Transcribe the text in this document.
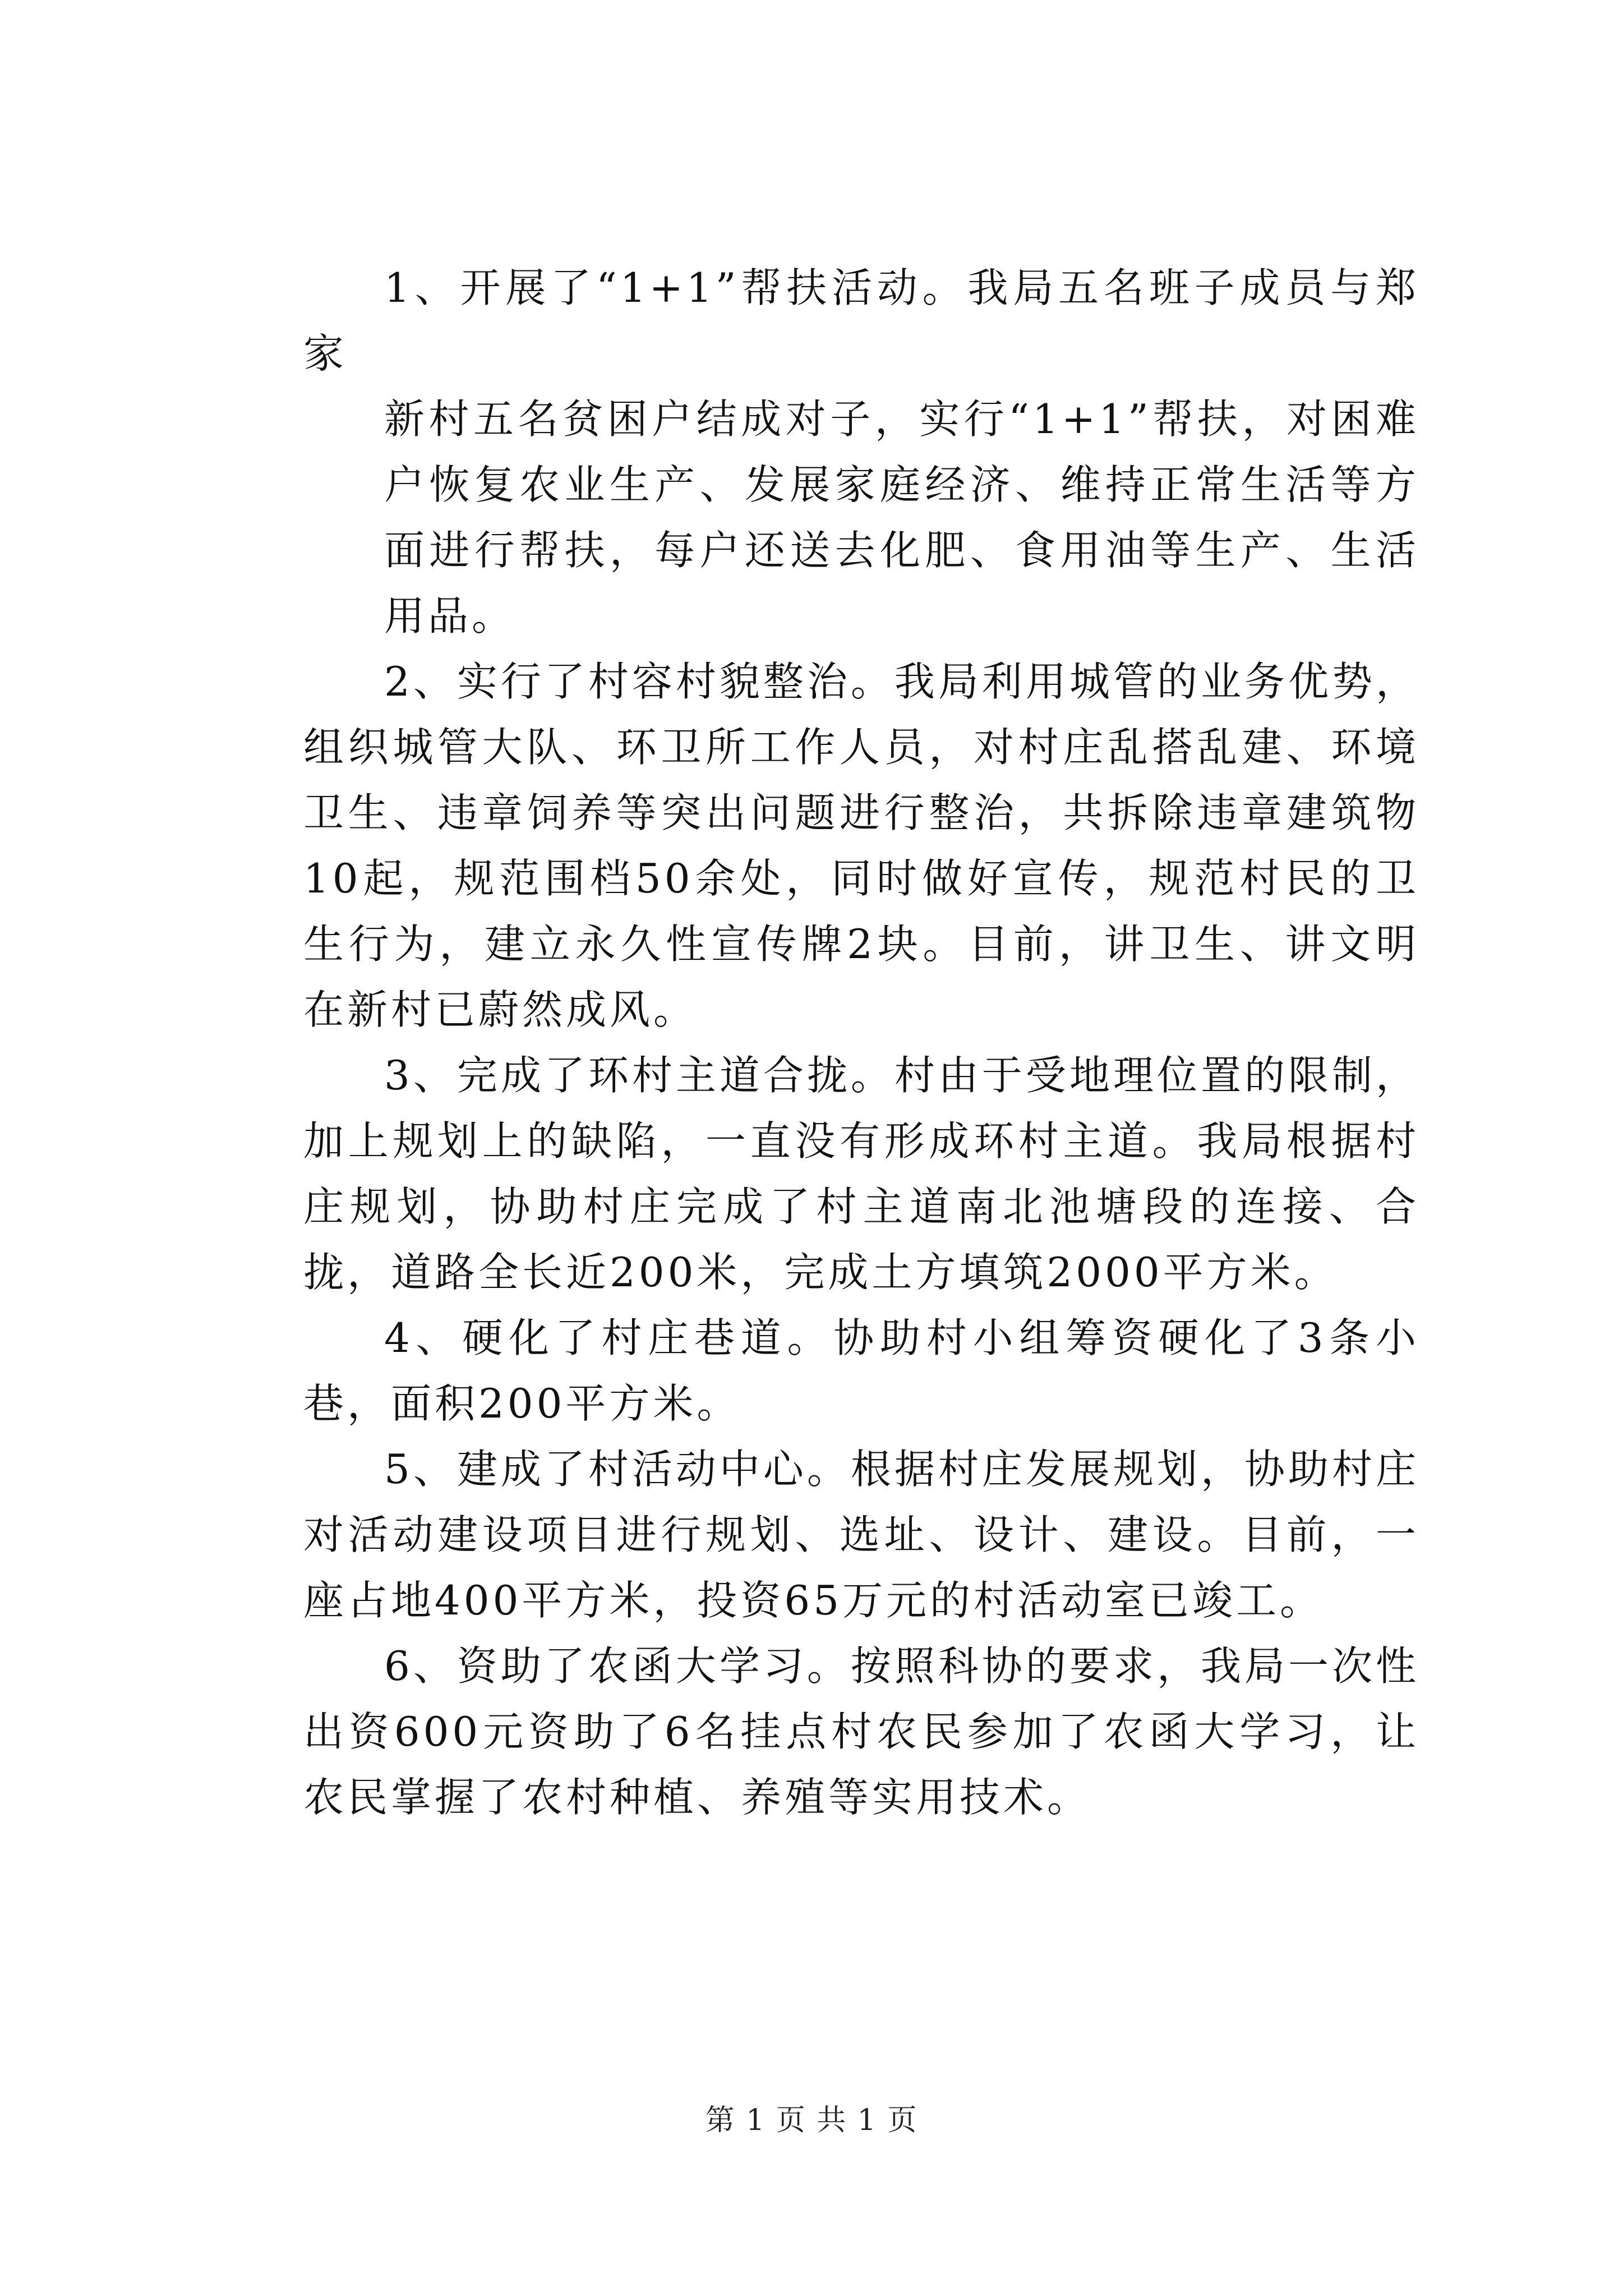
1、开展了“1+1”帮扶活动。我局五名班子成员与郑家

新村五名贫困户结成对子，实行“1+1”帮扶，对困难户恢复农业生产、发展家庭经济、维持正常生活等方面进行帮扶，每户还送去化肥、食用油等生产、生活用品。

2、实行了村容村貌整治。我局利用城管的业务优势，组织城管大队、环卫所工作人员，对村庄乱搭乱建、环境卫生、违章饲养等突出问题进行整治，共拆除违章建筑物10起，规范围档50余处，同时做好宣传，规范村民的卫生行为，建立永久性宣传牌2块。目前，讲卫生、讲文明在新村已蔚然成风。

3、完成了环村主道合拢。村由于受地理位置的限制，加上规划上的缺陷，一直没有形成环村主道。我局根据村庄规划，协助村庄完成了村主道南北池塘段的连接、合拢，道路全长近200米，完成土方填筑2000平方米。

4、硬化了村庄巷道。协助村小组筹资硬化了3条小巷，面积200平方米。

5、建成了村活动中心。根据村庄发展规划，协助村庄对活动建设项目进行规划、选址、设计、建设。目前，一座占地400平方米，投资65万元的村活动室已竣工。

6、资助了农函大学习。按照科协的要求，我局一次性出资600元资助了6名挂点村农民参加了农函大学习，让农民掌握了农村种植、养殖等实用技术。

第 1 页 共 1 页
